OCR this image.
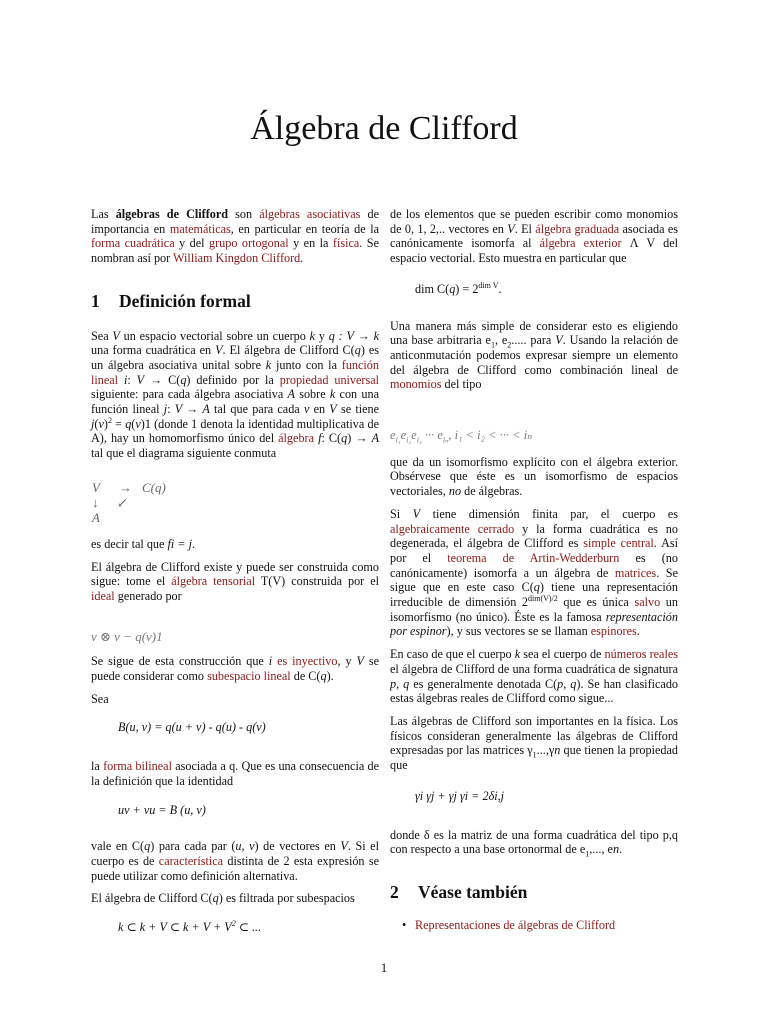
Álgebra de Clifford

Las álgebras de Clifford son álgebras asociativas de importancia en matemáticas, en particular en teoría de la forma cuadrática y del grupo ortogonal y en la física. Se nombran así por William Kingdon Clifford.

1 Definición formal

Sea V un espacio vectorial sobre un cuerpo k y q : V → k una forma cuadrática en V. El álgebra de Clifford C(q) es un álgebra asociativa unital sobre k junto con la función lineal i: V → C(q) definido por la propiedad universal siguiente: para cada álgebra asociativa A sobre k con una función lineal j: V → A tal que para cada v en V se tiene $j(v)^2 = q(v)1$ (donde 1 denota la identidad multiplicativa de A), hay un homomorfismo único del álgebra f: C(q) → A tal que el diagrama siguiente conmuta

V → C(q)
↓ ↙
A

es decir tal que fi = j.

El álgebra de Clifford existe y puede ser construida como sigue: tome el álgebra tensorial T(V) construida por el ideal generado por

v ⊗ v − q(v)1

Se sigue de esta construcción que i es inyectivo, y V se puede considerar como subespacio lineal de C(q).

Sea

B(u, v) = q(u + v) - q(u) - q(v)

la forma bilineal asociada a q. Que es una consecuencia de la definición que la identidad

uv + vu = B (u, v)

vale en C(q) para cada par (u, v) de vectores en V. Si el cuerpo es de característica distinta de 2 esta expresión se puede utilizar como definición alternativa.

El álgebra de Clifford C(q) es filtrada por subespacios

k ⊂ k + V ⊂ $k + V + V^2$ ⊂ ...

de los elementos que se pueden escribir como monomios de 0, 1, 2,.. vectores en V. El álgebra graduada asociada es canónicamente isomorfa al álgebra exterior Λ V del espacio vectorial. Esto muestra en particular que

dim $C(q) = 2^{dim V}$.

Una manera más simple de considerar esto es eligiendo una base arbitraria $e_1$, $e_2$..... para V. Usando la relación de anticonmutación podemos expresar siempre un elemento del álgebra de Clifford como combinación lineal de monomios del tipo

$e_{i_1}e_{i_2}e_{i_3}$ ··· $e_{i_n}$, i₁ < i₂ < ··· < iₙ

que da un isomorfismo explícito con el álgebra exterior. Obsérvese que éste es un isomorfismo de espacios vectoriales, no de álgebras.

Si V tiene dimensión finita par, el cuerpo es algebraicamente cerrado y la forma cuadrática es no degenerada, el álgebra de Clifford es simple central. Así por el teorema de Artin-Wedderburn es (no canónicamente) isomorfa a un álgebra de matrices. Se sigue que en este caso C(q) tiene una representación irreducible de dimensión $2^{dim(V)/2}$ que es única salvo un isomorfismo (no único). Éste es la famosa representación por espinor), y sus vectores se se llaman espinores.

En caso de que el cuerpo k sea el cuerpo de números reales el álgebra de Clifford de una forma cuadrática de signatura p, q es generalmente denotada C(p, q). Se han clasificado estas álgebras reales de Clifford como sigue...

Las álgebras de Clifford son importantes en la física. Los físicos consideran generalmente las álgebras de Clifford expresadas por las matrices $\gamma_1...,\gamma n$ que tienen la propiedad que

γi γj + γj γi = 2δi,j

donde δ es la matriz de una forma cuadrática del tipo p,q con respecto a una base ortonormal de $e_1$,..., en.

2 Véase también
• Representaciones de álgebras de Clifford
1
